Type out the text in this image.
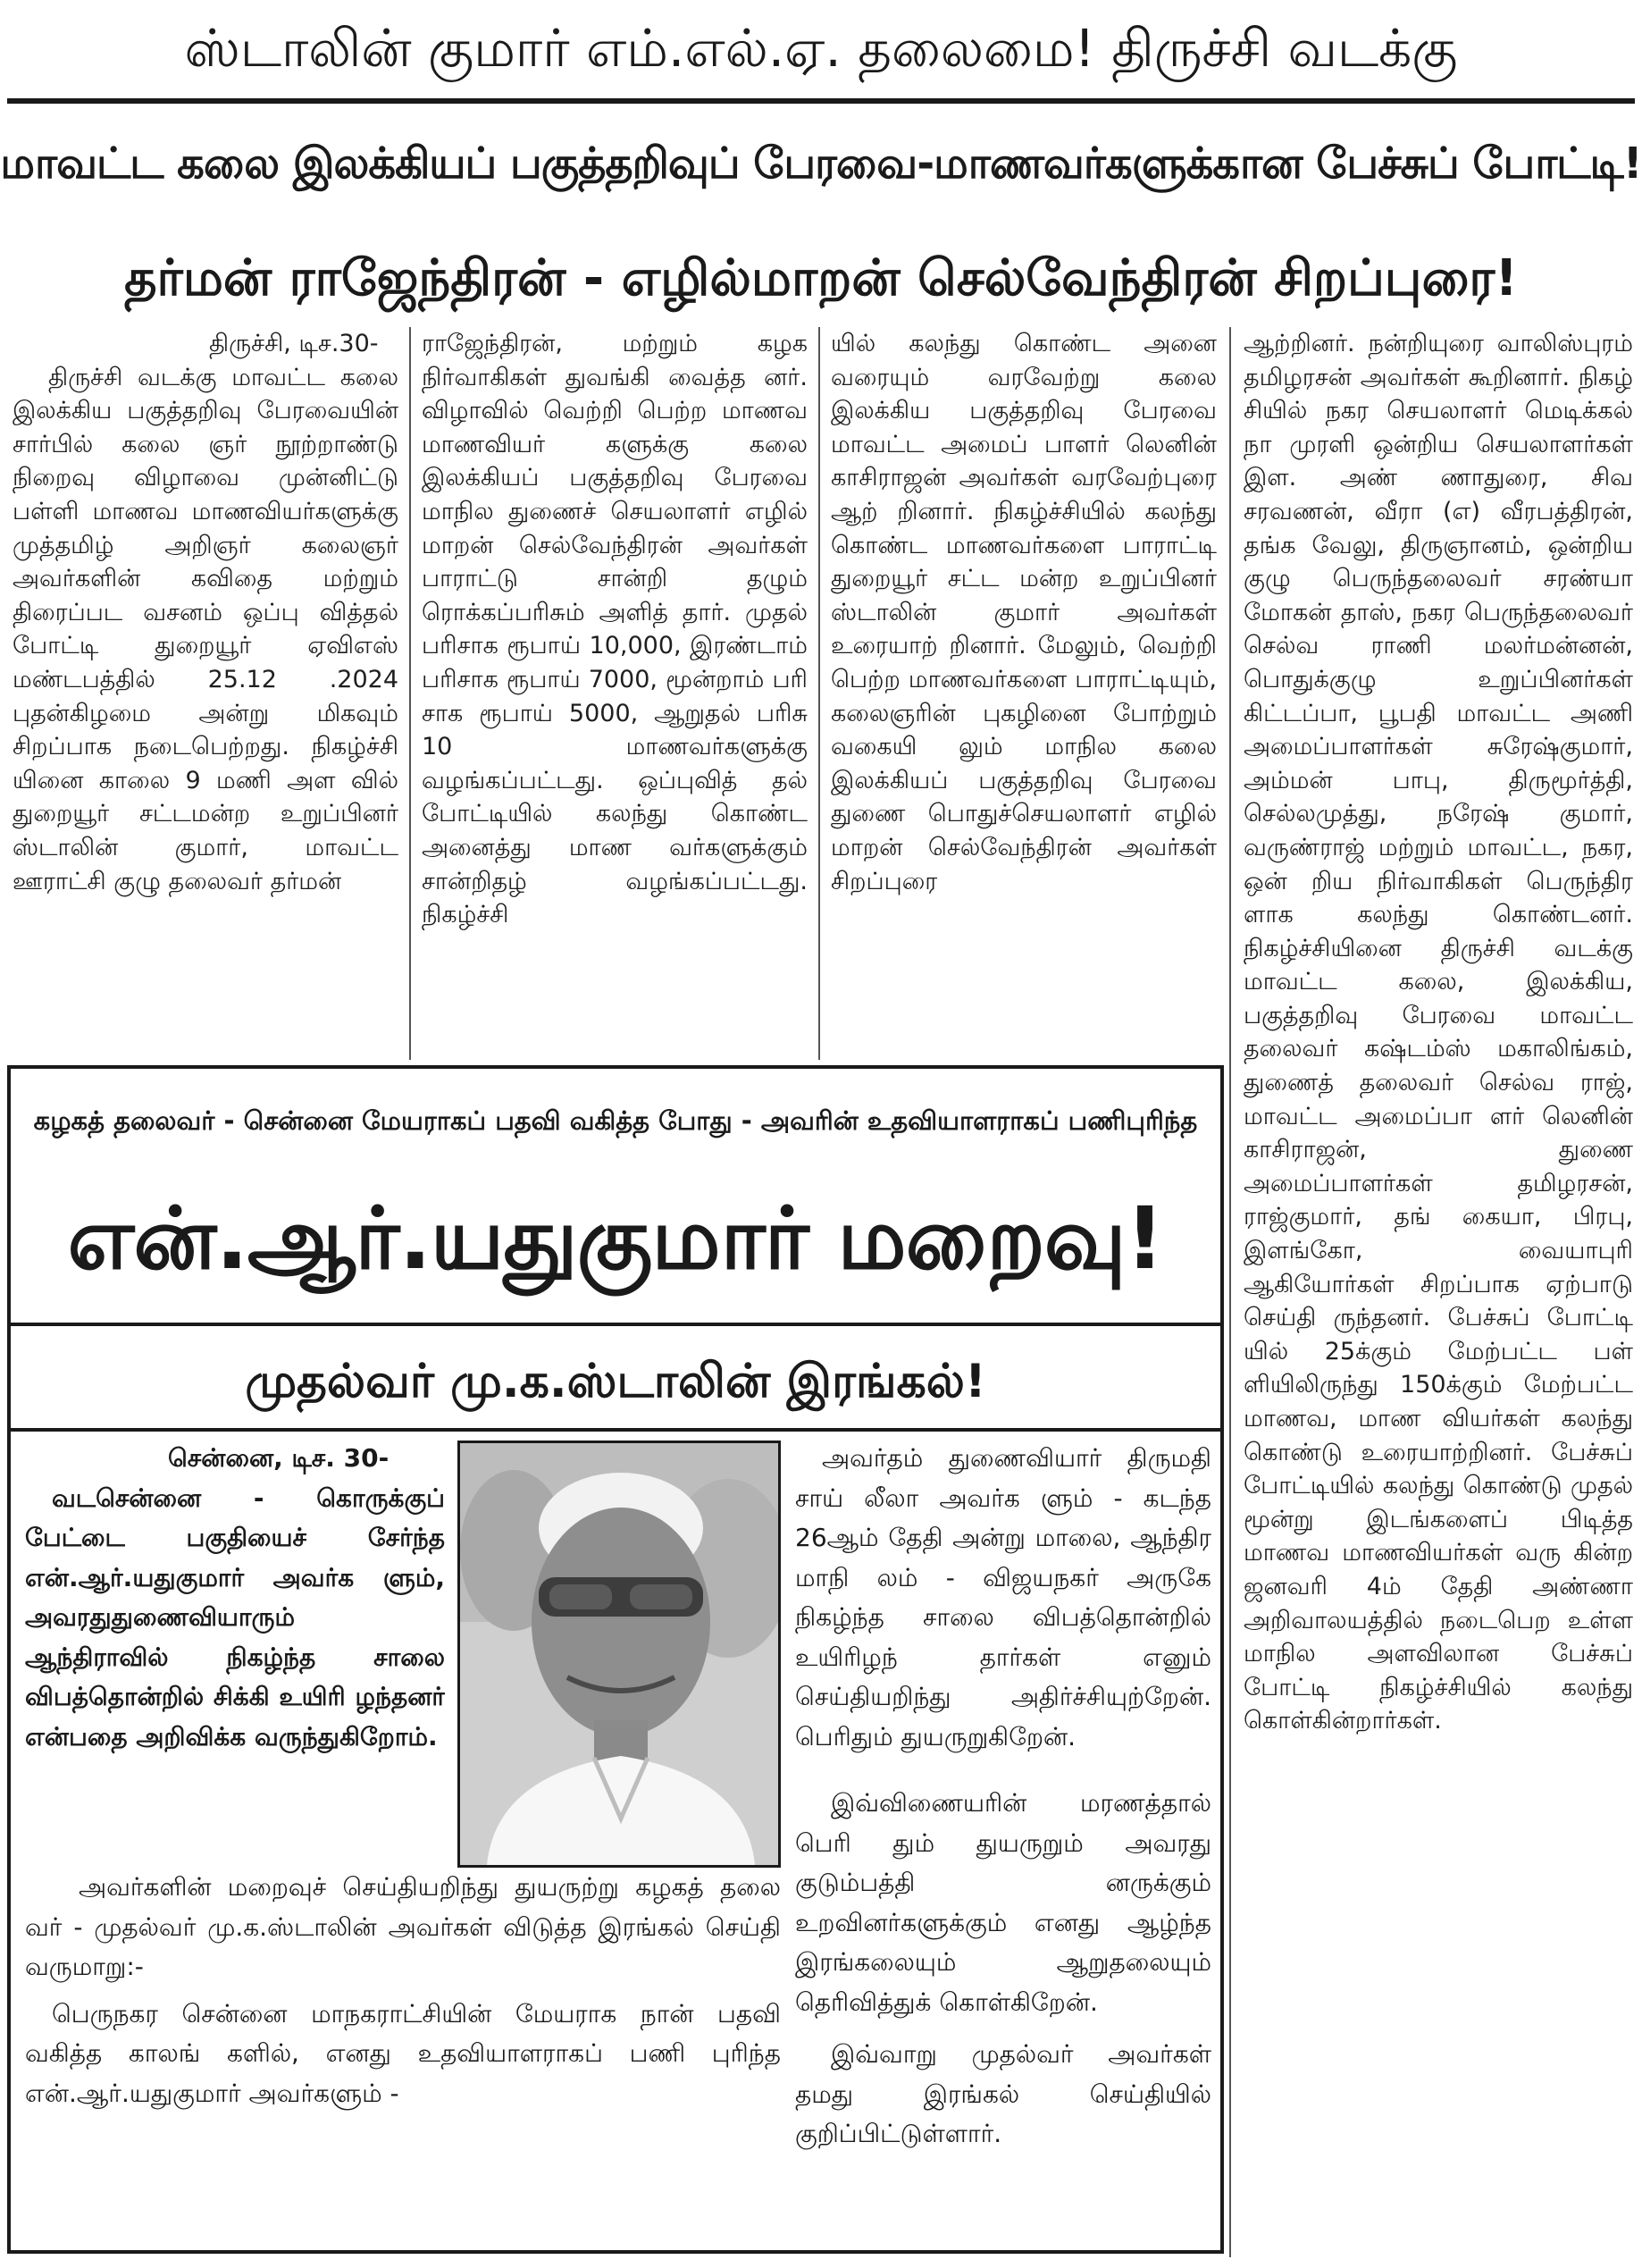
ஸ்டாலின் குமார் எம்.எல்.ஏ. தலைமை! திருச்சி வடக்கு
மாவட்ட கலை இலக்கியப் பகுத்தறிவுப் பேரவை-மாணவர்களுக்கான பேச்சுப் போட்டி!
தர்மன் ராஜேந்திரன் - எழில்மாறன் செல்வேந்திரன் சிறப்புரை!

திருச்சி, டிச.30-

திருச்சி வடக்கு மாவட்ட கலை இலக்கிய பகுத்தறிவு பேரவையின் சார்பில் கலை ஞர் நூற்றாண்டு நிறைவு விழாவை முன்னிட்டு பள்ளி மாணவ மாணவியர்களுக்கு முத்தமிழ் அறிஞர் கலைஞர் அவர்களின் கவிதை மற்றும் திரைப்பட வசனம் ஒப்பு வித்தல் போட்டி துறையூர் ஏவிஎஸ் மண்டபத்தில் 25.12 .2024 புதன்கிழமை அன்று மிகவும் சிறப்பாக நடைபெற்றது. நிகழ்ச்சி யினை காலை 9 மணி அள வில் துறையூர் சட்டமன்ற உறுப்பினர் ஸ்டாலின் குமார், மாவட்ட ஊராட்சி குழு தலைவர் தர்மன்

ராஜேந்திரன், மற்றும் கழக நிர்வாகிகள் துவங்கி வைத்த னர். விழாவில் வெற்றி பெற்ற மாணவ மாணவியர் களுக்கு கலை இலக்கியப் பகுத்தறிவு பேரவை மாநில துணைச் செயலாளர் எழில் மாறன் செல்வேந்திரன் அவர்கள் பாராட்டு சான்றி தழும் ரொக்கப்பரிசும் அளித் தார். முதல் பரிசாக ரூபாய் 10,000, இரண்டாம் பரிசாக ரூபாய் 7000, மூன்றாம் பரி சாக ரூபாய் 5000, ஆறுதல் பரிசு 10 மாணவர்களுக்கு வழங்கப்பட்டது. ஒப்புவித் தல் போட்டியில் கலந்து கொண்ட அனைத்து மாண வர்களுக்கும் சான்றிதழ் வழங்கப்பட்டது. நிகழ்ச்சி

யில் கலந்து கொண்ட அனை வரையும் வரவேற்று கலை இலக்கிய பகுத்தறிவு பேரவை மாவட்ட அமைப் பாளர் லெனின் காசிராஜன் அவர்கள் வரவேற்புரை ஆற் றினார். நிகழ்ச்சியில் கலந்து கொண்ட மாணவர்களை பாராட்டி துறையூர் சட்ட மன்ற உறுப்பினர் ஸ்டாலின் குமார் அவர்கள் உரையாற் றினார். மேலும், வெற்றி பெற்ற மாணவர்களை பாராட்டியும், கலைஞரின் புகழினை போற்றும் வகையி லும் மாநில கலை இலக்கியப் பகுத்தறிவு பேரவை துணை பொதுச்செயலாளர் எழில் மாறன் செல்வேந்திரன் அவர்கள் சிறப்புரை

ஆற்றினர். நன்றியுரை வாலிஸ்புரம் தமிழரசன் அவர்கள் கூறினார். நிகழ் சியில் நகர செயலாளர் மெடிக்கல் நா முரளி ஒன்றிய செயலாளர்கள் இள. அண் ணாதுரை, சிவ சரவணன், வீரா (எ) வீரபத்திரன், தங்க வேலு, திருஞானம், ஒன்றிய குழு பெருந்தலைவர் சரண்யா மோகன் தாஸ், நகர பெருந்தலைவர் செல்வ ராணி மலர்மன்னன், பொதுக்குழு உறுப்பினர்கள் கிட்டப்பா, பூபதி மாவட்ட அணி அமைப்பாளர்கள் சுரேஷ்குமார், அம்மன் பாபு, திருமூர்த்தி, செல்லமுத்து, நரேஷ் குமார், வருண்ராஜ் மற்றும் மாவட்ட, நகர, ஒன் றிய நிர்வாகிகள் பெருந்திர ளாக கலந்து கொண்டனர். நிகழ்ச்சியினை திருச்சி வடக்கு மாவட்ட கலை, இலக்கிய, பகுத்தறிவு பேரவை மாவட்ட தலைவர் கஷ்டம்ஸ் மகாலிங்கம், துணைத் தலைவர் செல்வ ராஜ், மாவட்ட அமைப்பா ளர் லெனின் காசிராஜன், துணை அமைப்பாளர்கள் தமிழரசன், ராஜ்குமார், தங் கையா, பிரபு, இளங்கோ, வையாபுரி ஆகியோர்கள் சிறப்பாக ஏற்பாடு செய்தி ருந்தனர். பேச்சுப் போட்டி யில் 25க்கும் மேற்பட்ட பள் ளியிலிருந்து 150க்கும் மேற்பட்ட மாணவ, மாண வியர்கள் கலந்து கொண்டு உரையாற்றினர். பேச்சுப் போட்டியில் கலந்து கொண்டு முதல் மூன்று இடங்களைப் பிடித்த மாணவ மாணவியர்கள் வரு கின்ற ஜனவரி 4ம் தேதி அண்ணா அறிவாலயத்தில் நடைபெற உள்ள மாநில அளவிலான பேச்சுப் போட்டி நிகழ்ச்சியில் கலந்து கொள்கின்றார்கள்.

கழகத் தலைவர் - சென்னை மேயராகப் பதவி வகித்த போது - அவரின் உதவியாளராகப் பணிபுரிந்த
என்.ஆர்.யதுகுமார் மறைவு!
முதல்வர் மு.க.ஸ்டாலின் இரங்கல்!

சென்னை, டிச. 30-

வடசென்னை - கொருக்குப் பேட்டை பகுதியைச் சேர்ந்த என்.ஆர்.யதுகுமார் அவர்க ளும், அவரதுதுணைவியாரும் ஆந்திராவில் நிகழ்ந்த சாலை விபத்தொன்றில் சிக்கி உயிரி ழந்தனர் என்பதை அறிவிக்க வருந்துகிறோம்.

அவர்களின் மறைவுச் செய்தியறிந்து துயருற்று கழகத் தலை வர் - முதல்வர் மு.க.ஸ்டாலின் அவர்கள் விடுத்த இரங்கல் செய்தி வருமாறு:-

பெருநகர சென்னை மாநகராட்சியின் மேயராக நான் பதவி வகித்த காலங் களில், எனது உதவியாளராகப் பணி புரிந்த என்.ஆர்.யதுகுமார் அவர்களும் -

அவர்தம் துணைவியார் திருமதி சாய் லீலா அவர்க ளும் - கடந்த 26ஆம் தேதி அன்று மாலை, ஆந்திர மாநி லம் - விஜயநகர் அருகே நிகழ்ந்த சாலை விபத்தொன்றில் உயிரிழந் தார்கள் எனும் செய்தியறிந்து அதிர்ச்சியுற்றேன். பெரிதும் துயருறுகிறேன்.

இவ்விணையரின் மரணத்தால் பெரி தும் துயருறும் அவரது குடும்பத்தி னருக்கும் உறவினர்களுக்கும் எனது ஆழ்ந்த இரங்கலையும் ஆறுதலையும் தெரிவித்துக் கொள்கிறேன்.

இவ்வாறு முதல்வர் அவர்கள் தமது இரங்கல் செய்தியில் குறிப்பிட்டுள்ளார்.
